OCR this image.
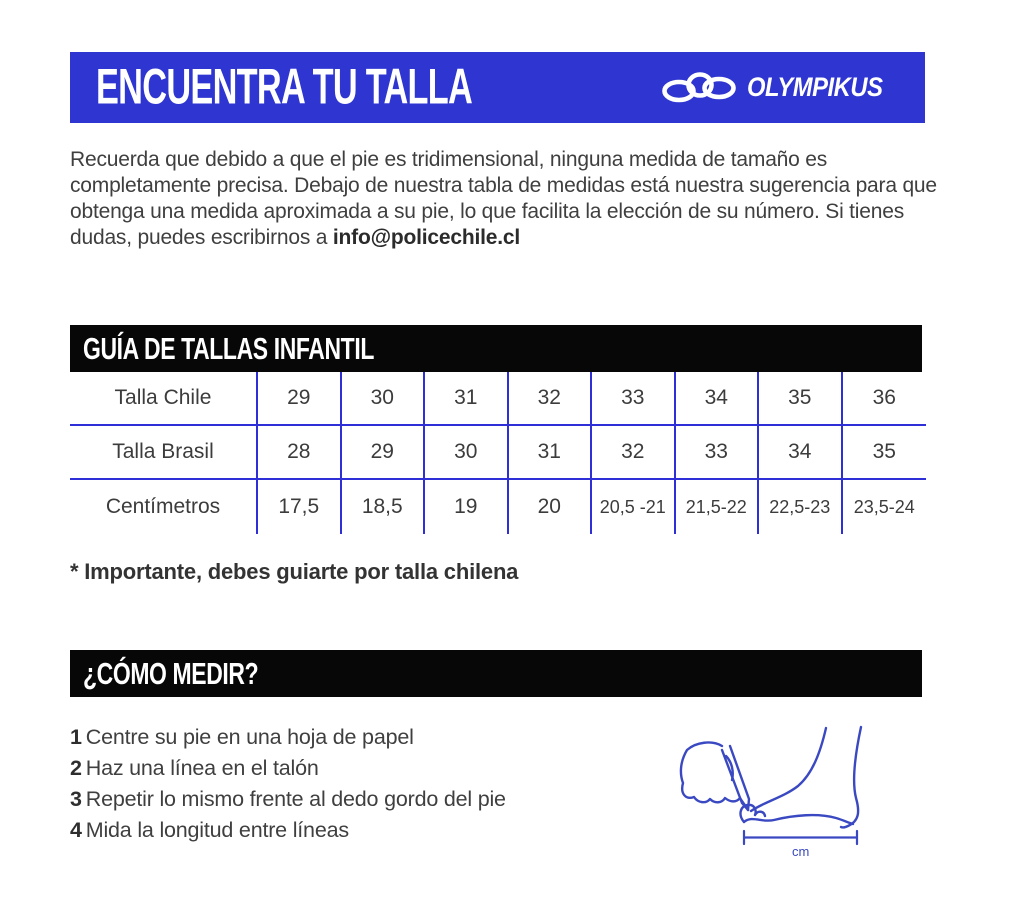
ENCUENTRA TU TALLA	OLYMPIKUS

Recuerda que debido a que el pie es tridimensional, ninguna medida de tamaño es completamente precisa. Debajo de nuestra tabla de medidas está nuestra sugerencia para que obtenga una medida aproximada a su pie, lo que facilita la elección de su número. Si tienes dudas, puedes escribirnos a info@policechile.cl

GUÍA DE TALLAS INFANTIL
Talla Chile	29	30	31	32	33	34	35	36
Talla Brasil	28	29	30	31	32	33	34	35
Centímetros	17,5	18,5	19	20	20,5 -21	21,5-22	22,5-23	23,5-24

* Importante, debes guiarte por talla chilena

¿CÓMO MEDIR?
1 Centre su pie en una hoja de papel
2 Haz una línea en el talón
3 Repetir lo mismo frente al dedo gordo del pie
4 Mida la longitud entre líneas
cm
